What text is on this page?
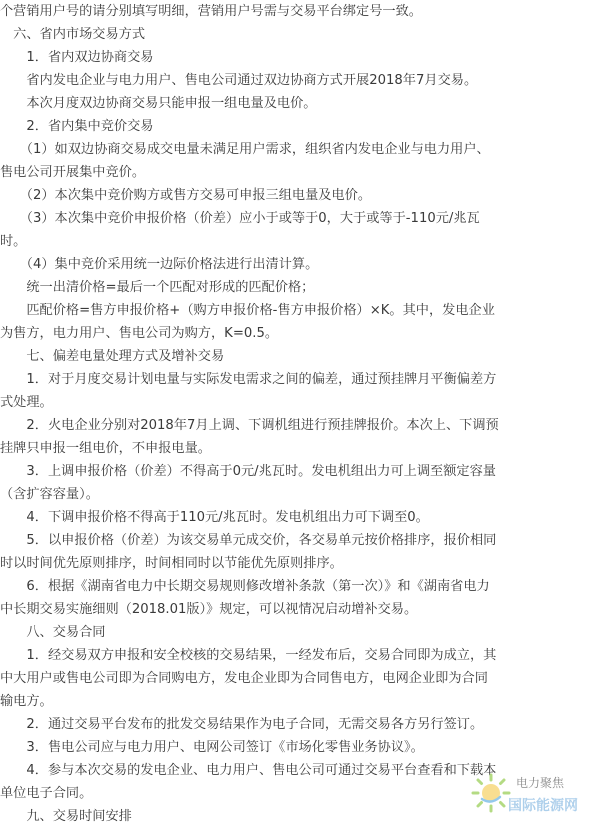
个营销用户号的请分别填写明细，营销用户号需与交易平台绑定号一致。
　六、省内市场交易方式
　　1．省内双边协商交易
　　省内发电企业与电力用户、售电公司通过双边协商方式开展2018年7月交易。
　　本次月度双边协商交易只能申报一组电量及电价。
　　2．省内集中竞价交易
　　（1）如双边协商交易成交电量未满足用户需求，组织省内发电企业与电力用户、
售电公司开展集中竞价。
　　（2）本次集中竞价购方或售方交易可申报三组电量及电价。
　　（3）本次集中竞价申报价格（价差）应小于或等于0，大于或等于-110元/兆瓦
时。
　　（4）集中竞价采用统一边际价格法进行出清计算。
　　统一出清价格=最后一个匹配对形成的匹配价格；
　　匹配价格=售方申报价格+（购方申报价格-售方申报价格）×K。其中，发电企业
为售方，电力用户、售电公司为购方，K=0.5。
　　七、偏差电量处理方式及增补交易
　　1．对于月度交易计划电量与实际发电需求之间的偏差，通过预挂牌月平衡偏差方
式处理。
　　2．火电企业分别对2018年7月上调、下调机组进行预挂牌报价。本次上、下调预
挂牌只申报一组电价，不申报电量。
　　3．上调申报价格（价差）不得高于0元/兆瓦时。发电机组出力可上调至额定容量
（含扩容容量）。
　　4．下调申报价格不得高于110元/兆瓦时。发电机组出力可下调至0。
　　5．以申报价格（价差）为该交易单元成交价，各交易单元按价格排序，报价相同
时以时间优先原则排序，时间相同时以节能优先原则排序。
　　6．根据《湖南省电力中长期交易规则修改增补条款（第一次）》和《湖南省电力
中长期交易实施细则（2018.01版）》规定，可以视情况启动增补交易。
　　八、交易合同
　　1．经交易双方申报和安全校核的交易结果，一经发布后，交易合同即为成立，其
中大用户或售电公司即为合同购电方，发电企业即为合同售电方，电网企业即为合同
输电方。
　　2．通过交易平台发布的批发交易结果作为电子合同，无需交易各方另行签订。
　　3．售电公司应与电力用户、电网公司签订《市场化零售业务协议》。
　　4．参与本次交易的发电企业、电力用户、售电公司可通过交易平台查看和下载本
单位电子合同。
　　九、交易时间安排
电力聚焦
国际能源网
